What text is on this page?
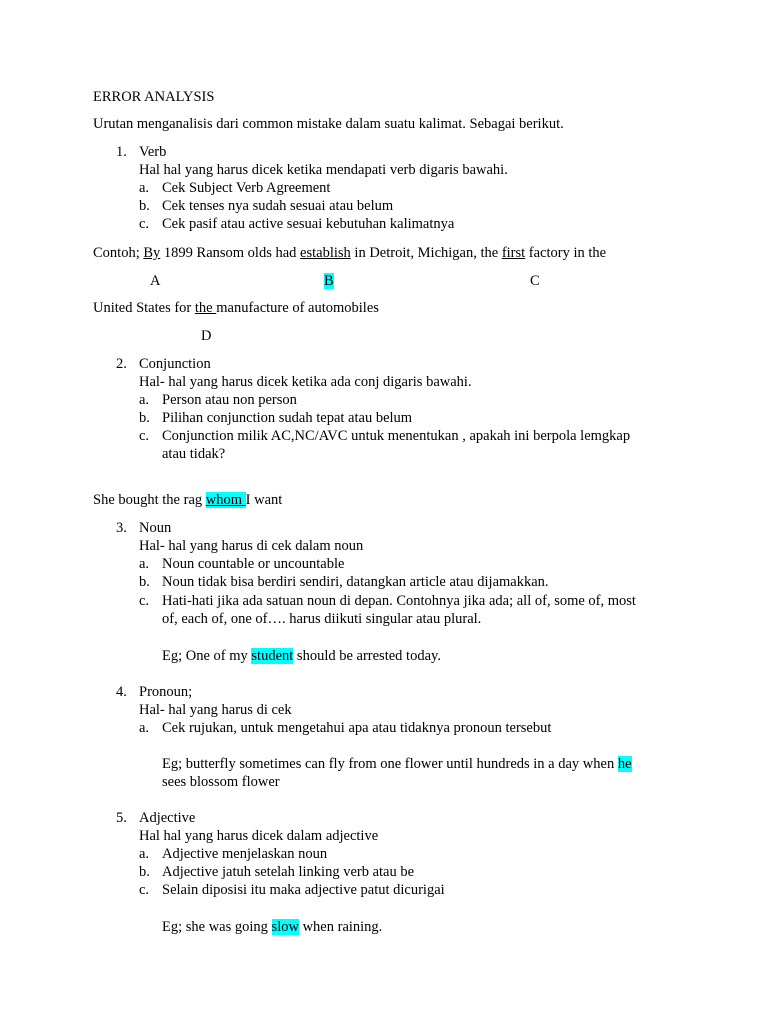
ERROR ANALYSIS
Urutan menganalisis dari common mistake dalam suatu kalimat. Sebagai berikut.
1. Verb
Hal hal yang harus dicek ketika mendapati verb digaris bawahi.
a. Cek Subject Verb Agreement
b. Cek tenses nya sudah sesuai atau belum
c. Cek pasif atau active sesuai kebutuhan kalimatnya
Contoh; By 1899 Ransom olds had establish in Detroit, Michigan, the first factory in the
A	B	C
United States for the manufacture of automobiles
D
2. Conjunction
Hal- hal yang harus dicek ketika ada conj digaris bawahi.
a. Person atau non person
b. Pilihan conjunction sudah tepat atau belum
c. Conjunction milik AC,NC/AVC untuk menentukan , apakah ini berpola lemgkap
atau tidak?
She bought the rag whom I want
3. Noun
Hal- hal yang harus di cek dalam noun
a. Noun countable or uncountable
b. Noun tidak bisa berdiri sendiri, datangkan article atau dijamakkan.
c. Hati-hati jika ada satuan noun di depan. Contohnya jika ada; all of, some of, most
of, each of, one of…. harus diikuti singular atau plural.
Eg; One of my student should be arrested today.
4. Pronoun;
Hal- hal yang harus di cek
a. Cek rujukan, untuk mengetahui apa atau tidaknya pronoun tersebut
Eg; butterfly sometimes can fly from one flower until hundreds in a day when he
sees blossom flower
5. Adjective
Hal hal yang harus dicek dalam adjective
a. Adjective menjelaskan noun
b. Adjective jatuh setelah linking verb atau be
c. Selain diposisi itu maka adjective patut dicurigai
Eg; she was going slow when raining.
